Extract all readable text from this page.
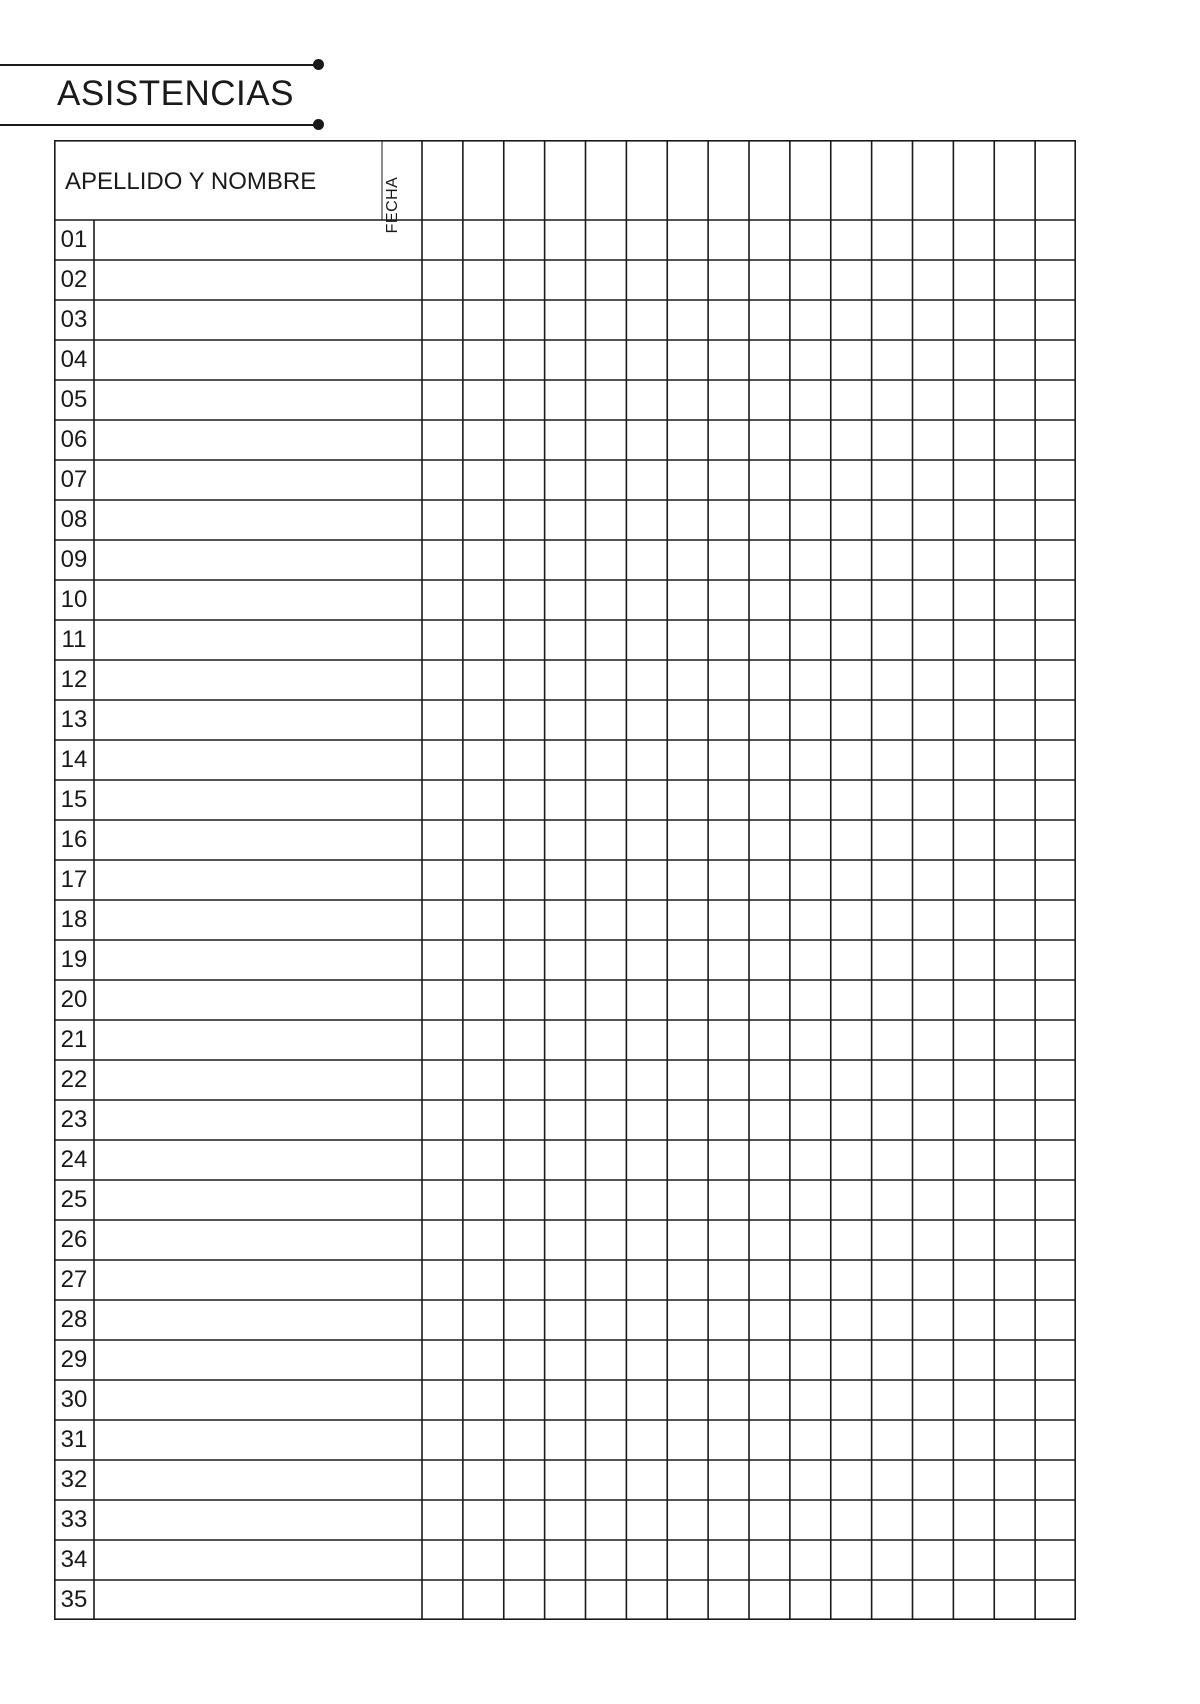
ASISTENCIAS
APELLIDO Y NOMBRE	FECHA
01
02
03
04
05
06
07
08
09
10
11
12
13
14
15
16
17
18
19
20
21
22
23
24
25
26
27
28
29
30
31
32
33
34
35
